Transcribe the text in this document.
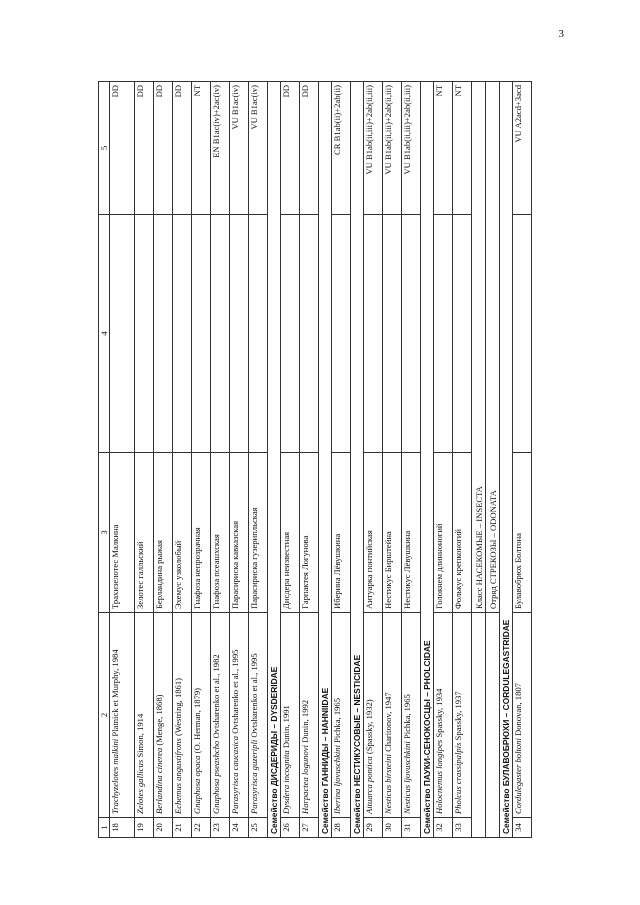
3
1	2	3	4	5
18	Trachyzelotes malkini Platnick et Murphy, 1984	Трахизелотес Малкина		DD
19	Zelotes gallicus Simon, 1914	Зелотес галльский		DD
20	Berlandina cinerea (Menge, 1868)	Берландина рыжая		DD
21	Echemus angustifrons (Westring, 1861)	Эхемус узколобый		DD
22	Gnaphosa opaca (O. Herman, 1879)	Гнафоза непрозрачная		NT
23	Gnaphosa pseashcho Ovtsharenko et al., 1982	Гнафоза псеашхская		EN B1ac(iv)+2ac(iv)
24	Parasyrisca caucasica Ovtsharenko et al., 1995	Парасириска кавказская		VU B1ac(iv)
25	Parasyrisca guzeripli Ovtsharenko et al., 1995	Парасириска гузерипльская		VU B1ac(iv)
Семейство ДИСДЕРИДЫ – DYSDERIDAE				
26	Dysdera incognita Dunin, 1991	Дисдера неизвестная		DD
27	Harpactea logunovi Dunin, 1992	Гарпактея Логунова		DD
Семейство ГАННИДЫ – HAHNIIDAE				
28	Iberina ljovuschkini Pichka, 1965	Иберина Лёвушкина		CR B1ab(ii)+2ab(ii)
Семейство НЕСТИКУСОВЫЕ – NESTICIDAE				
29	Aituarca pontica (Spassky, 1932)	Аитуарка понтийская		VU B1ab(ii,iii)+2ab(ii,iii)
30	Nesticus birsteini Charitonov, 1947	Нестикус Бирштейна		VU B1ab(ii,iii)+2ab(ii,iii)
31	Nesticus ljovuschkini Pichka, 1965	Нестикус Лёвушкина		VU B1ab(ii,iii)+2ab(ii,iii)
Семейство ПАУКИ-СЕНОКОСЦЫ – PHOLCIDAE				
32	Holocnemus longipes Spassky, 1934	Голокнем длинноногий		NT
33	Pholcus crassipalpis Spassky, 1937	Фолькус крепконогий		NT
		Класс НАСЕКОМЫЕ – INSECTA		
		Отряд СТРЕКОЗЫ – ODONATA		
Семейство БУЛАВОБРЮХИ – CORDULEGASTRIDAE				
34	Cordulegaster boltoni Donovan, 1807	Булавобрюх Болтона		VU A2acd+3acd
